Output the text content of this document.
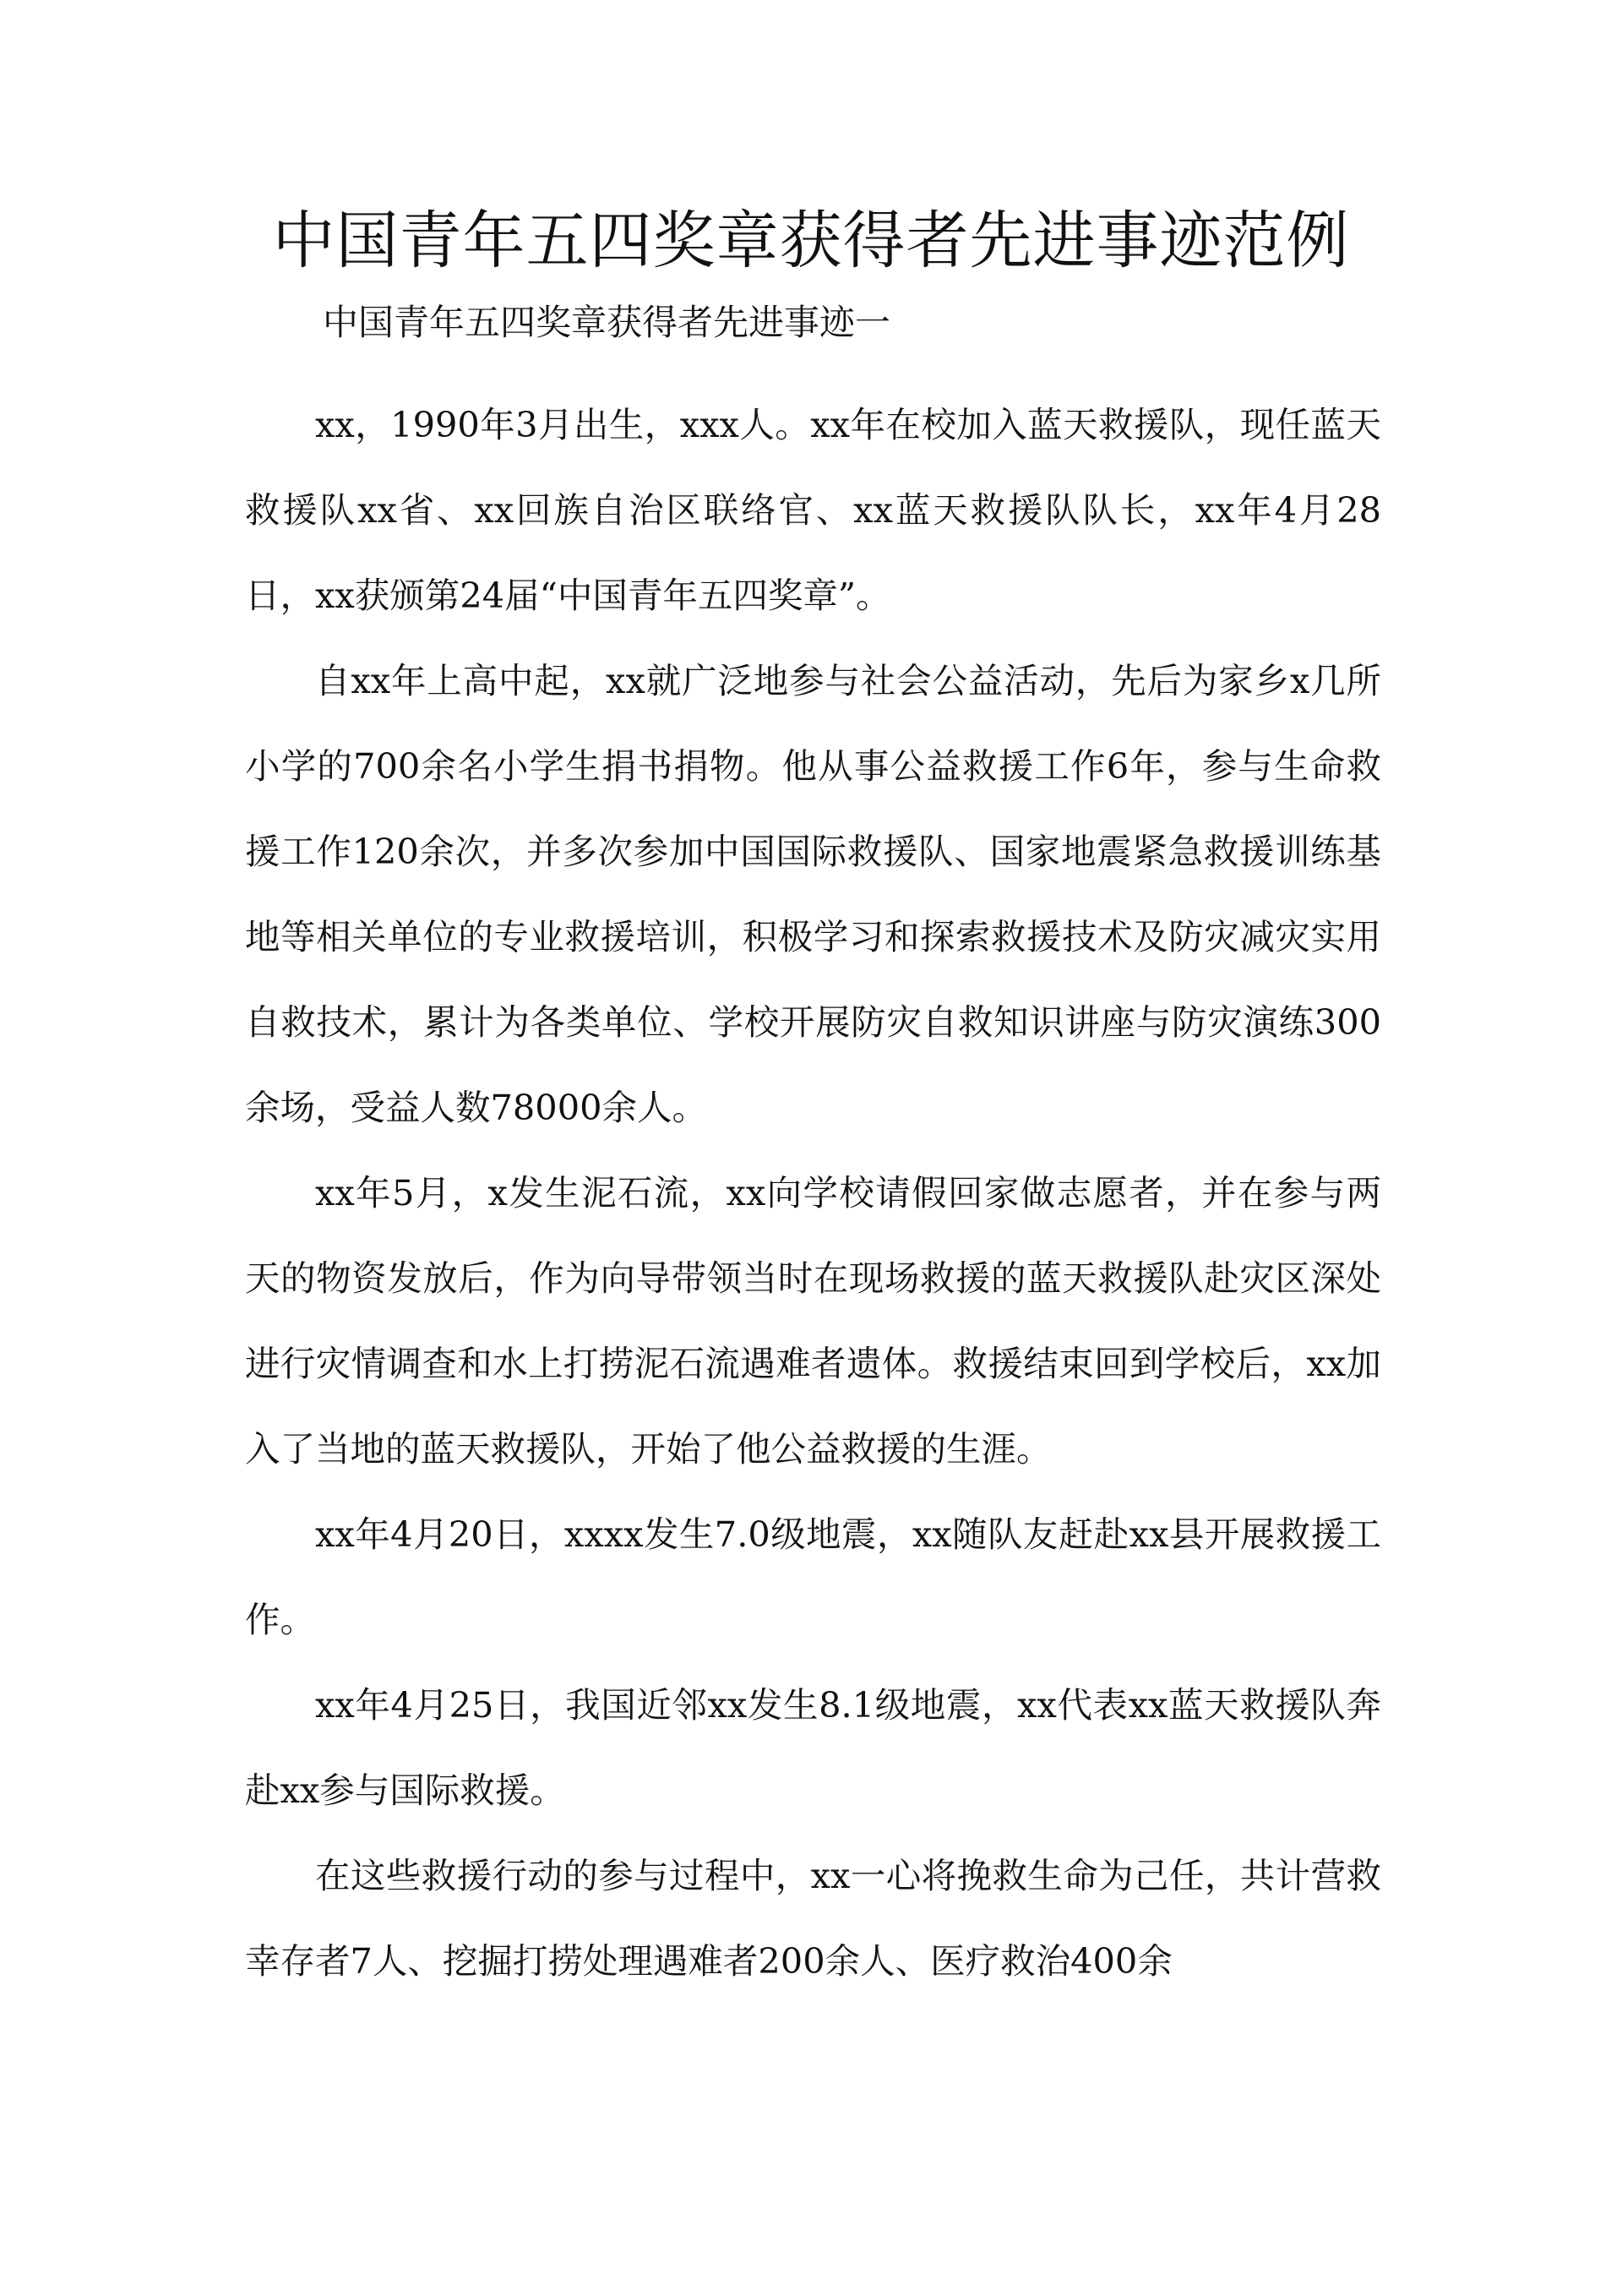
中国青年五四奖章获得者先进事迹范例
中国青年五四奖章获得者先进事迹一

xx，1990年3月出生，xxx人。xx年在校加入蓝天救援队，现任蓝天救援队xx省、xx回族自治区联络官、xx蓝天救援队队长，xx年4月28日，xx获颁第24届“中国青年五四奖章”。

自xx年上高中起，xx就广泛地参与社会公益活动，先后为家乡x几所小学的700余名小学生捐书捐物。他从事公益救援工作6年，参与生命救援工作120余次，并多次参加中国国际救援队、国家地震紧急救援训练基地等相关单位的专业救援培训，积极学习和探索救援技术及防灾减灾实用自救技术，累计为各类单位、学校开展防灾自救知识讲座与防灾演练300余场，受益人数78000余人。

xx年5月，x发生泥石流，xx向学校请假回家做志愿者，并在参与两天的物资发放后，作为向导带领当时在现场救援的蓝天救援队赴灾区深处进行灾情调查和水上打捞泥石流遇难者遗体。救援结束回到学校后，xx加入了当地的蓝天救援队，开始了他公益救援的生涯。

xx年4月20日，xxxx发生7.0级地震，xx随队友赶赴xx县开展救援工作。

xx年4月25日，我国近邻xx发生8.1级地震，xx代表xx蓝天救援队奔赴xx参与国际救援。

在这些救援行动的参与过程中，xx一心将挽救生命为己任，共计营救幸存者7人、挖掘打捞处理遇难者200余人、医疗救治400余
